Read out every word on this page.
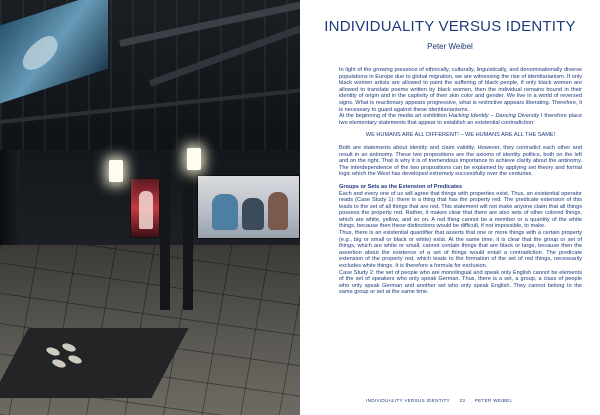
INDIVIDUALITY VERSUS IDENTITY
Peter Weibel

In light of the growing presence of ethnically, culturally, linguistically, and denominationally diverse populations in Europe due to global migration, we are witnessing the rise of identitarianism. If only black women artists are allowed to paint the suffering of black people, if only black women are allowed to translate poems written by black women, then the individual remains bound in their identity of origin and in the captivity of their skin color and gender. We live in a world of reversed signs. What is reactionary appears progressive, what is restrictive appears liberating. Therefore, it is necessary to guard against these identitarianisms.

At the beginning of the media art exhibition Hacking Identity – Dancing Diversity I therefore place two elementary statements that appear to establish an existential contradiction:

WE HUMANS ARE ALL DIFFERENT! – WE HUMANS ARE ALL THE SAME!

Both are statements about identity and claim validity. However, they contradict each other and result in an antinomy. These two propositions are the axioms of identity politics, both on the left and on the right. That is why it is of tremendous importance to achieve clarity about the antinomy. The interdependence of the two propositions can be explained by applying set theory and formal logic which the West has developed extremely successfully over the centuries.

Groups or Sets as the Extension of Predicates

Each and every one of us will agree that things with properties exist. Thus, an existential operator reads (Case Study 1): there is a thing that has the property red. The predicate extension of this leads to the set of all things that are red. This statement will not make anyone claim that all things possess the property red. Rather, it makes clear that there are also sets of other colored things, which are white, yellow, and so on. A red thing cannot be a member or a quantity of the white things, because then these distinctions would be difficult, if not impossible, to make.

Thus, there is an existential quantifier that asserts that one or more things with a certain property (e.g., big or small or black or white) exist. At the same time, it is clear that the group or set of things, which are white or small, cannot contain things that are black or large, because then the assertion about the existence of a set of things would entail a contradiction. The predicate extension of the property red, which leads to the formation of the set of red things, necessarily excludes white things. It is therefore a formula for exclusion.

Case Study 2: the set of people who are monolingual and speak only English cannot be elements of the set of speakers who only speak German. Thus, there is a set, a group, a class of people who only speak German and another set who only speak English. They cannot belong to the same group or set at the same time.

INDIVIDUALITY VERSUS IDENTITY 23 PETER WEIBEL
